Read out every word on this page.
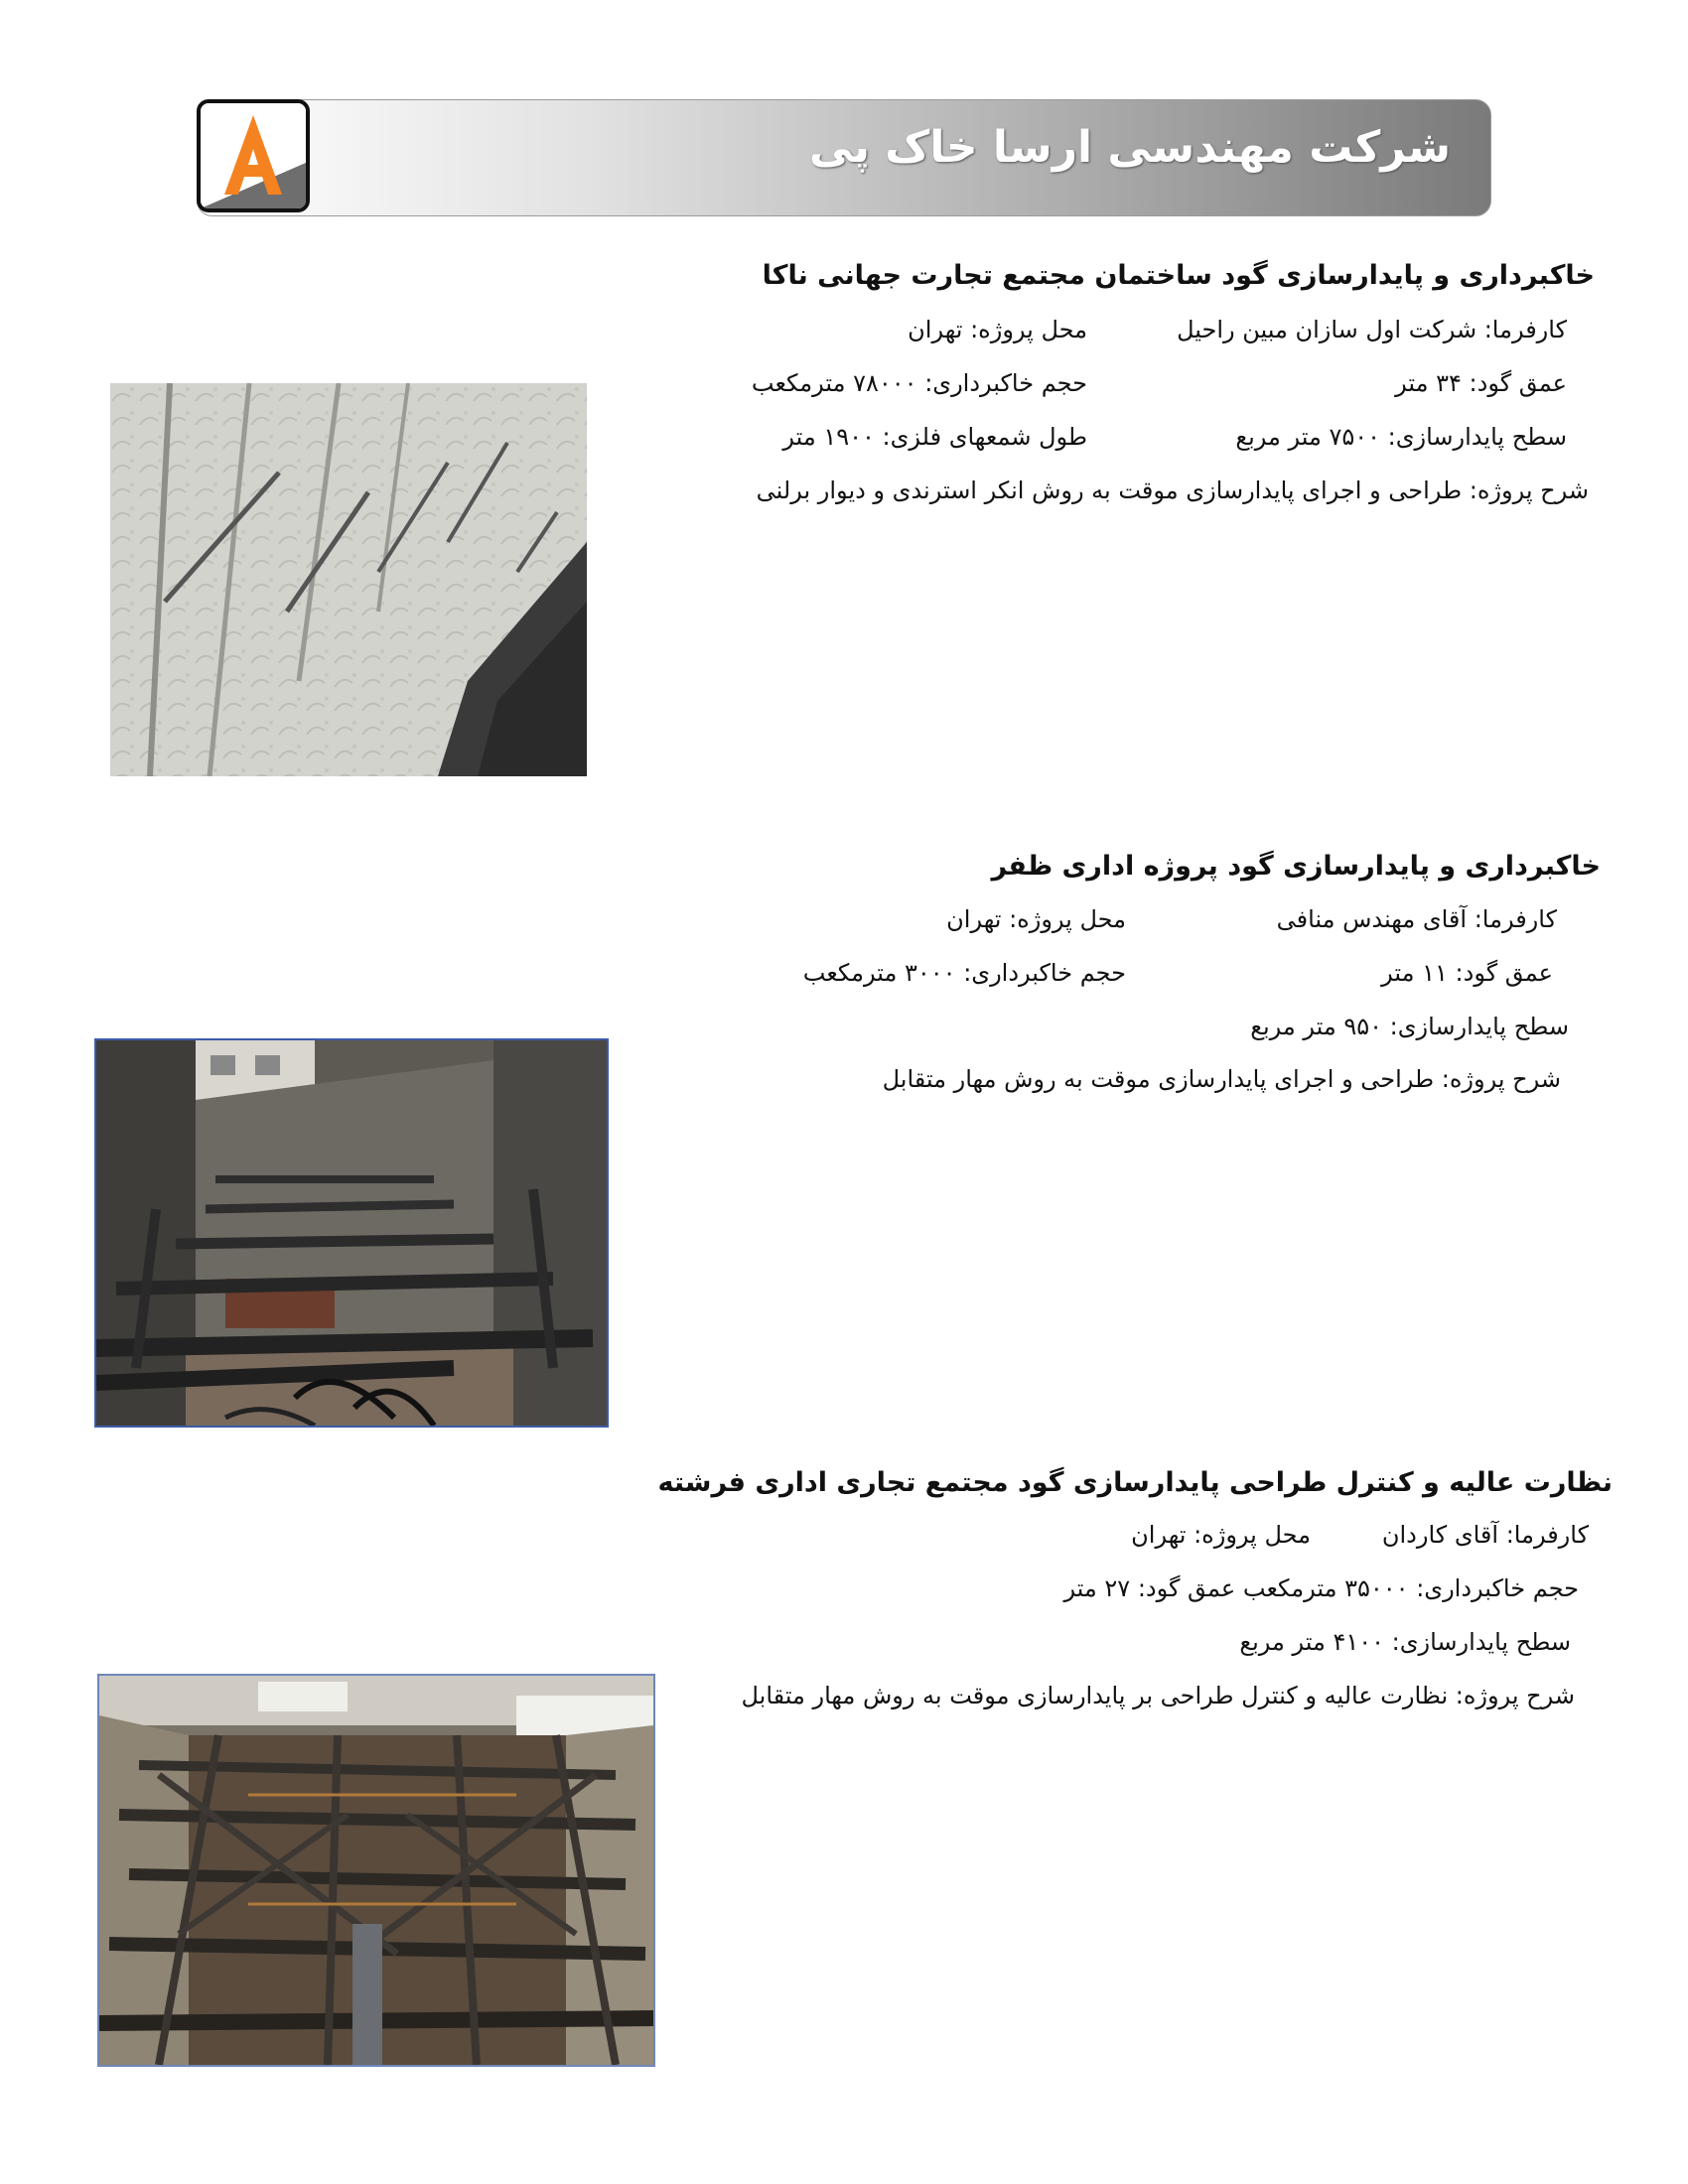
شرکت مهندسی ارسا خاک پی
خاکبرداری و پایدارسازی گود ساختمان مجتمع تجارت جهانی ناکا
کارفرما: شرکت اول سازان مبین راحیل
محل پروژه: تهران
عمق گود: ۳۴ متر
حجم خاکبرداری: ۷۸۰۰۰ مترمکعب
سطح پایدارسازی: ۷۵۰۰ متر مربع
طول شمعهای فلزی: ۱۹۰۰ متر
شرح پروژه: طراحی و اجرای پایدارسازی موقت به روش انکر استرندی و دیوار برلنی
خاکبرداری و پایدارسازی گود پروژه اداری ظفر
کارفرما: آقای مهندس منافی
محل پروژه: تهران
عمق گود: ۱۱ متر
حجم خاکبرداری: ۳۰۰۰ مترمکعب
سطح پایدارسازی: ۹۵۰ متر مربع
شرح پروژه: طراحی و اجرای پایدارسازی موقت به روش مهار متقابل
نظارت عالیه و کنترل طراحی پایدارسازی گود مجتمع تجاری اداری فرشته
کارفرما: آقای کاردان
محل پروژه: تهران
حجم خاکبرداری: ۳۵۰۰۰ مترمکعب عمق گود: ۲۷ متر
سطح پایدارسازی: ۴۱۰۰ متر مربع
شرح پروژه: نظارت عالیه و کنترل طراحی بر پایدارسازی موقت به روش مهار متقابل
